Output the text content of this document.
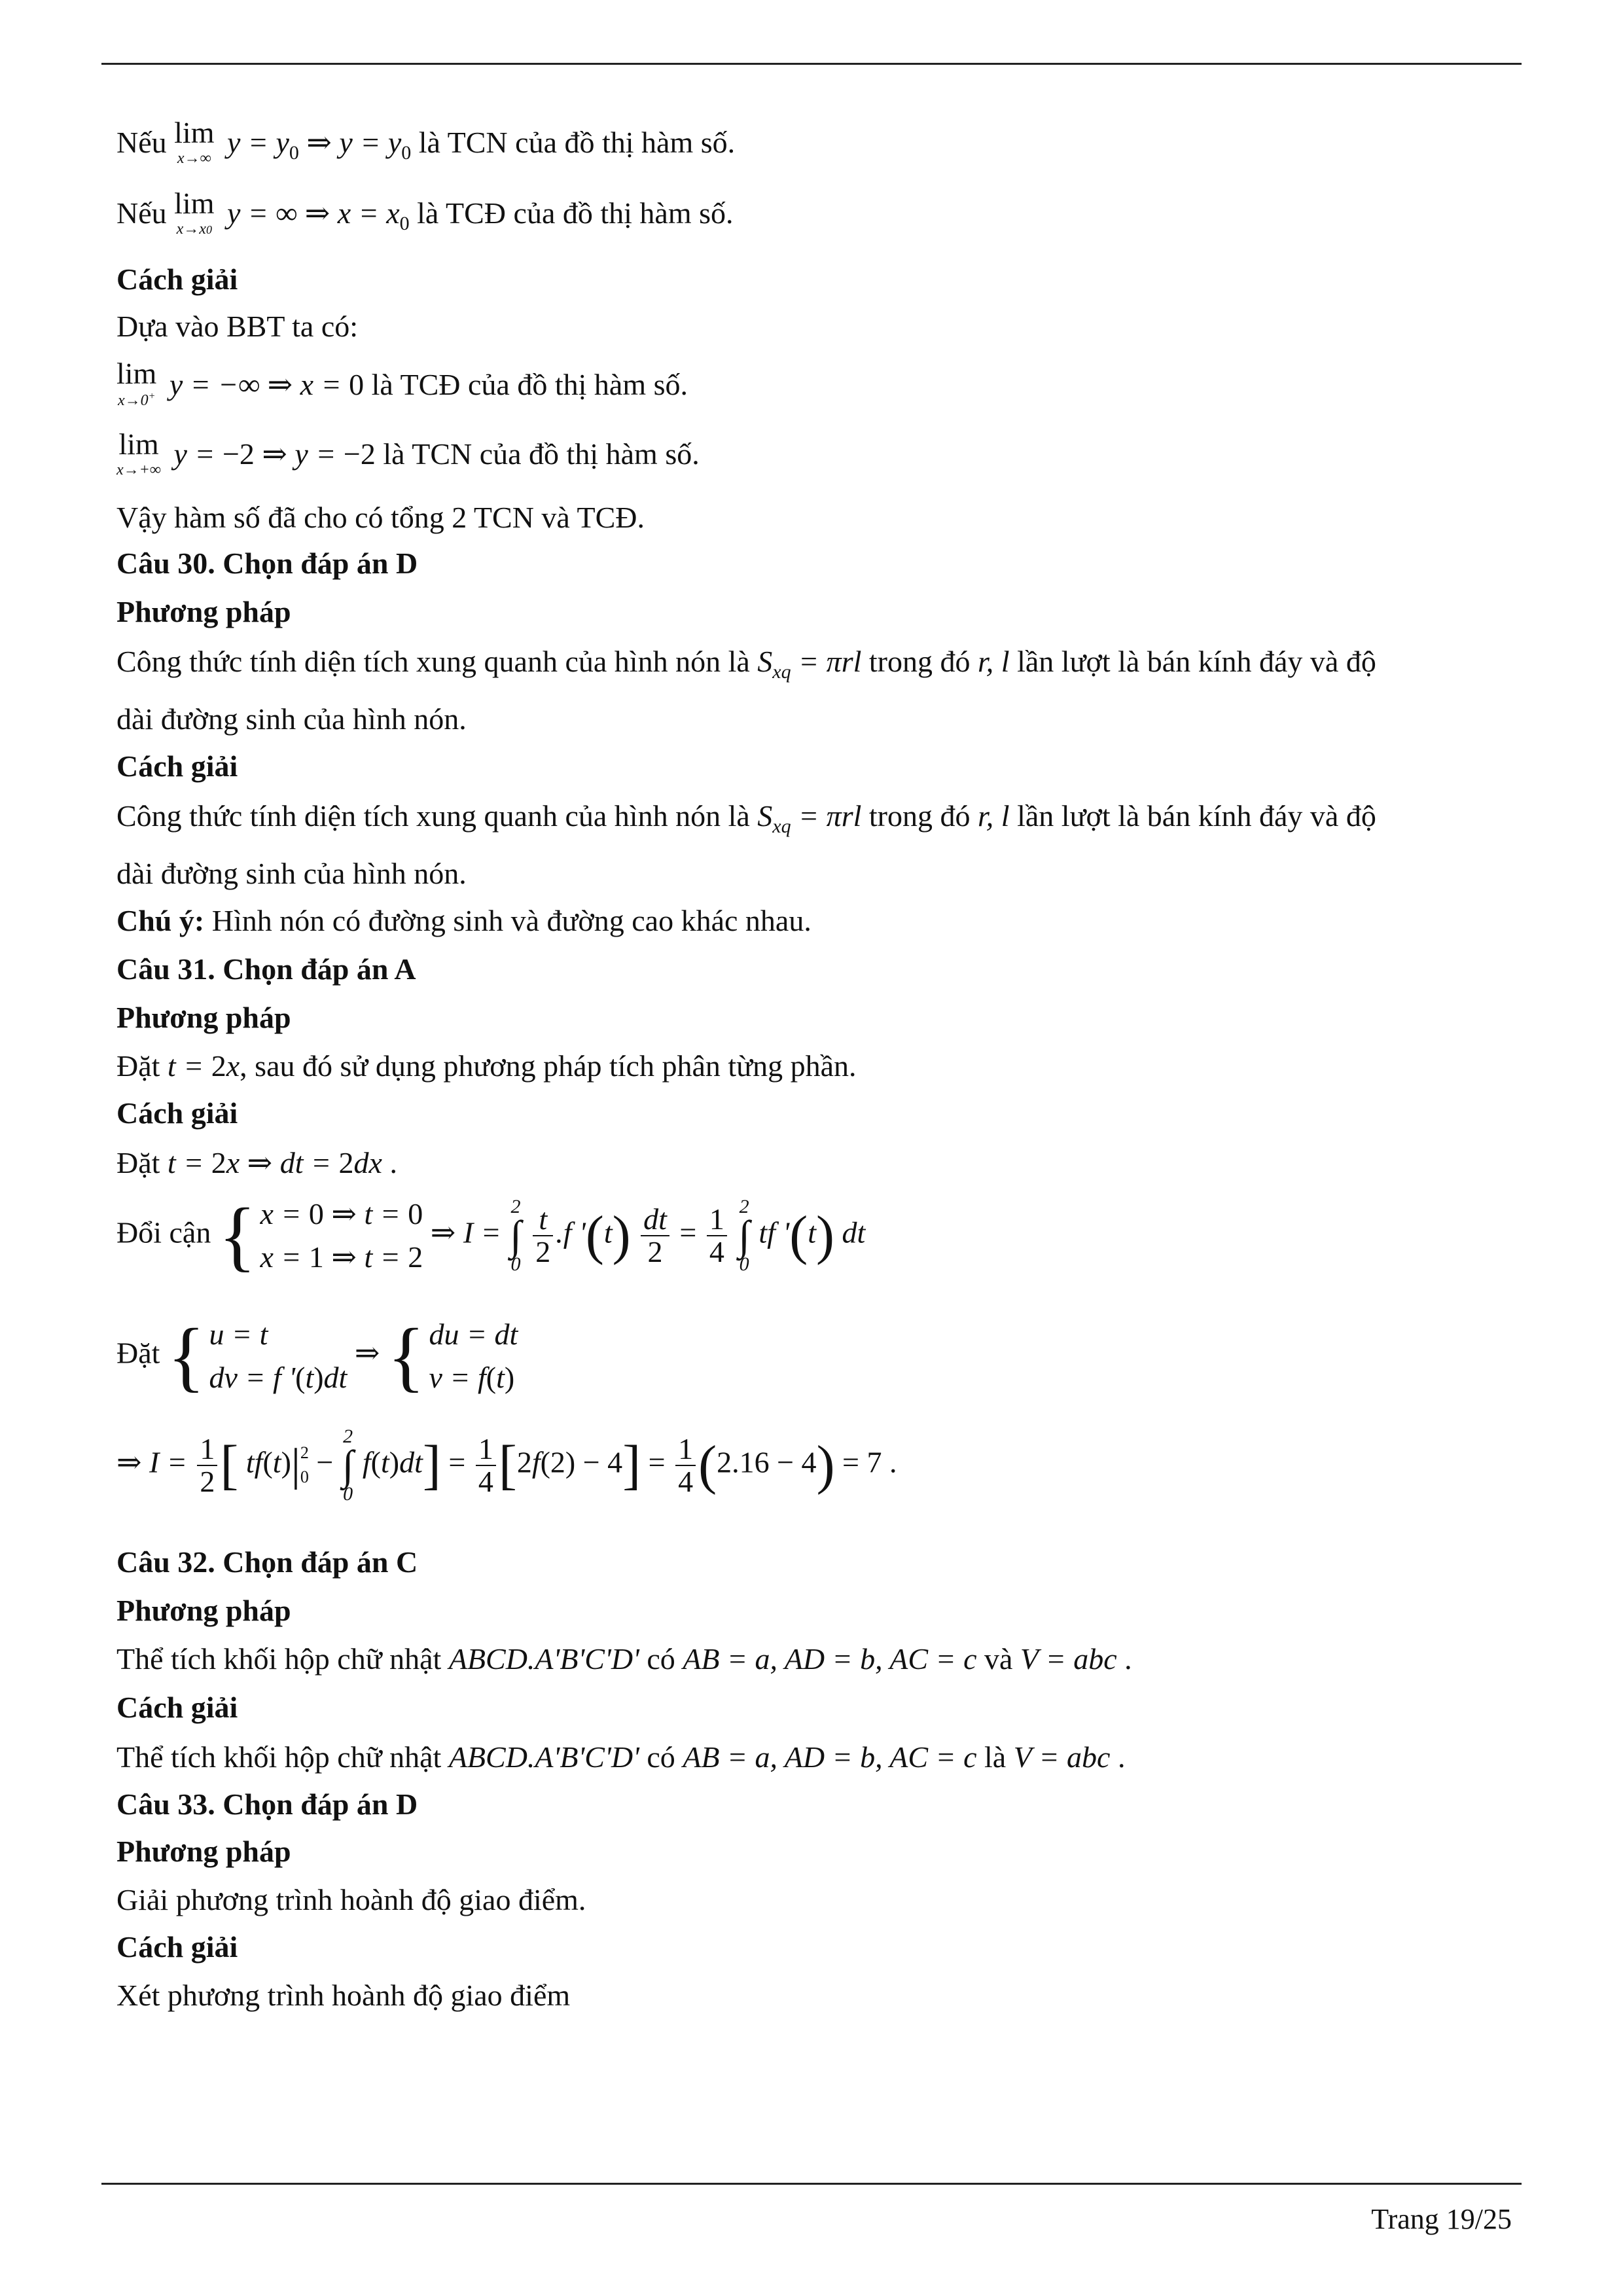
Nếu lim
x→∞ $y = y_0$ ⇒ $y = y_0$ là TCN của đồ thị hàm số.
Nếu lim
x→x0
y = ∞ ⇒ $x = x_0$ là TCĐ của đồ thị hàm số.
Cách giải
Dựa vào BBT ta có:
lim
x→0+ y = −∞ ⇒ x = 0 là TCĐ của đồ thị hàm số.
lim
x→+∞ y = −2 ⇒ y = −2 là TCN của đồ thị hàm số.
Vậy hàm số đã cho có tổng 2 TCN và TCĐ.
Câu 30. Chọn đáp án D
Phương pháp
Công thức tính diện tích xung quanh của hình nón là $S_{xq} = \pi rl$ trong đó r, l lần lượt là bán kính đáy và độ
dài đường sinh của hình nón.
Cách giải
Công thức tính diện tích xung quanh của hình nón là $S_{xq} = \pi rl$ trong đó r, l lần lượt là bán kính đáy và độ
dài đường sinh của hình nón.
Chú ý: Hình nón có đường sinh và đường cao khác nhau.
Câu 31. Chọn đáp án A
Phương pháp
Đặt t = 2x, sau đó sử dụng phương pháp tích phân từng phần.
Cách giải
Đặt t = 2x ⇒ dt = 2dx .
Đổi cận { x = 0 ⇒ t = 0
x = 1 ⇒ t = 2
⇒ I = 2
∫
$0 \frac{t}{2} .f$ '$(t) \frac{dt}{2} = \frac{1}{4} 2$
∫
0 tf '(t) dt
Đặt { u = t
dv = f '(t)dt
⇒ { du = dt
v = f(t)
⇒ $I = \frac{1}{2}$ [ tf(t)| 2
0 − 2
∫
0 $f(t)dt] = \frac{1}{4} [2f(2) - 4] = \frac{1}{4} (2.16 - 4) = 7$ .
Câu 32. Chọn đáp án C
Phương pháp
Thể tích khối hộp chữ nhật ABCD.A'B'C'D' có AB = a, AD = b, AC = c và V = abc .
Cách giải
Thể tích khối hộp chữ nhật ABCD.A'B'C'D' có AB = a, AD = b, AC = c là V = abc .
Câu 33. Chọn đáp án D
Phương pháp
Giải phương trình hoành độ giao điểm.
Cách giải
Xét phương trình hoành độ giao điểm
Trang 19/25
